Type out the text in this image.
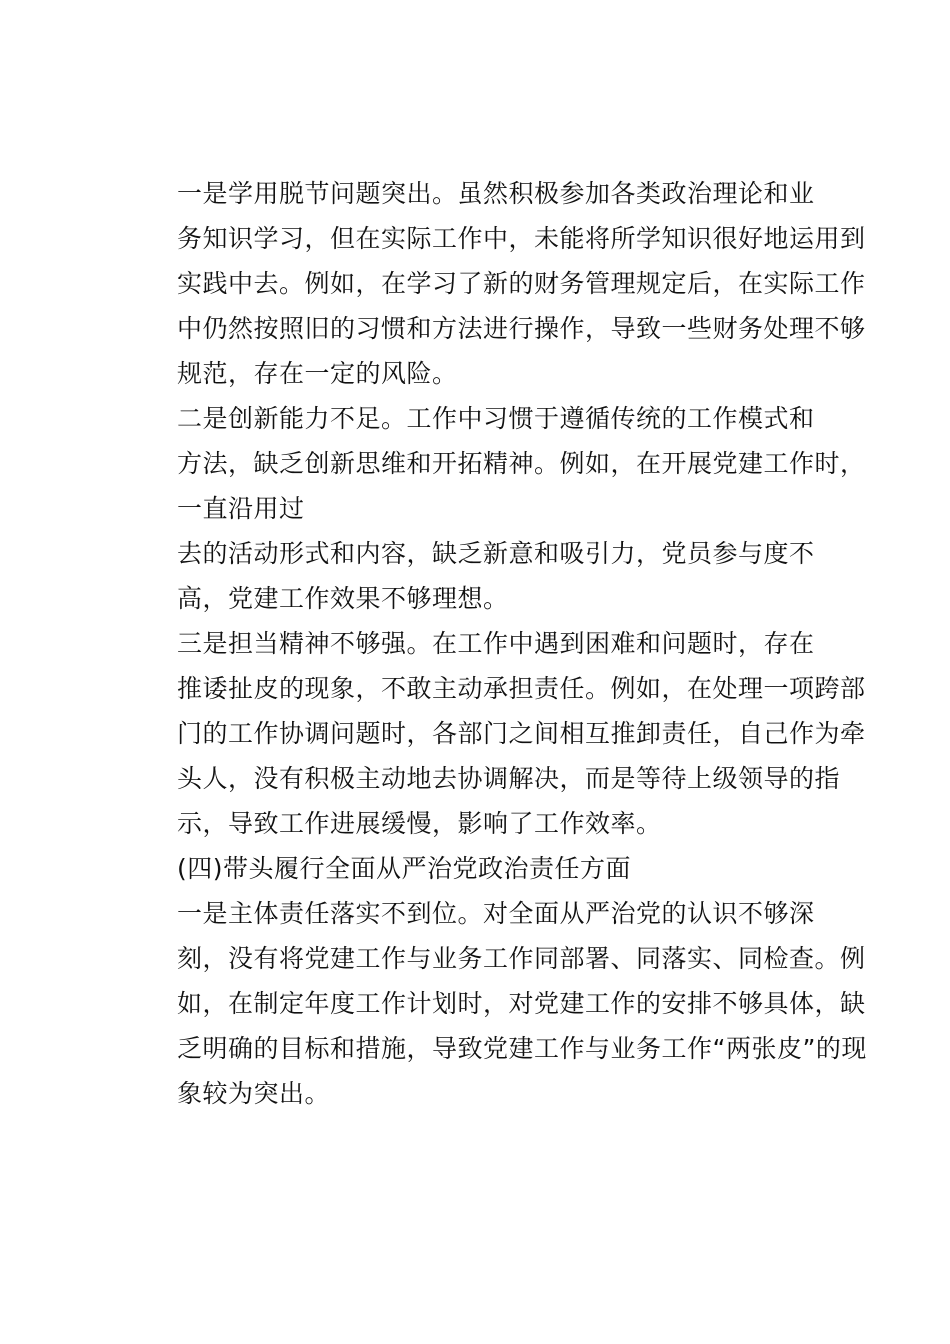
一是学用脱节问题突出。虽然积极参加各类政治理论和业
务知识学习，但在实际工作中，未能将所学知识很好地运用到
实践中去。例如，在学习了新的财务管理规定后，在实际工作
中仍然按照旧的习惯和方法进行操作，导致一些财务处理不够
规范，存在一定的风险。

二是创新能力不足。工作中习惯于遵循传统的工作模式和
方法，缺乏创新思维和开拓精神。例如，在开展党建工作时，
一直沿用过

去的活动形式和内容，缺乏新意和吸引力，党员参与度不
高，党建工作效果不够理想。

三是担当精神不够强。在工作中遇到困难和问题时，存在
推诿扯皮的现象，不敢主动承担责任。例如，在处理一项跨部
门的工作协调问题时，各部门之间相互推卸责任，自己作为牵
头人，没有积极主动地去协调解决，而是等待上级领导的指
示，导致工作进展缓慢，影响了工作效率。

(四)带头履行全面从严治党政治责任方面

一是主体责任落实不到位。对全面从严治党的认识不够深
刻，没有将党建工作与业务工作同部署、同落实、同检查。例
如，在制定年度工作计划时，对党建工作的安排不够具体，缺
乏明确的目标和措施，导致党建工作与业务工作“两张皮”的现
象较为突出。
